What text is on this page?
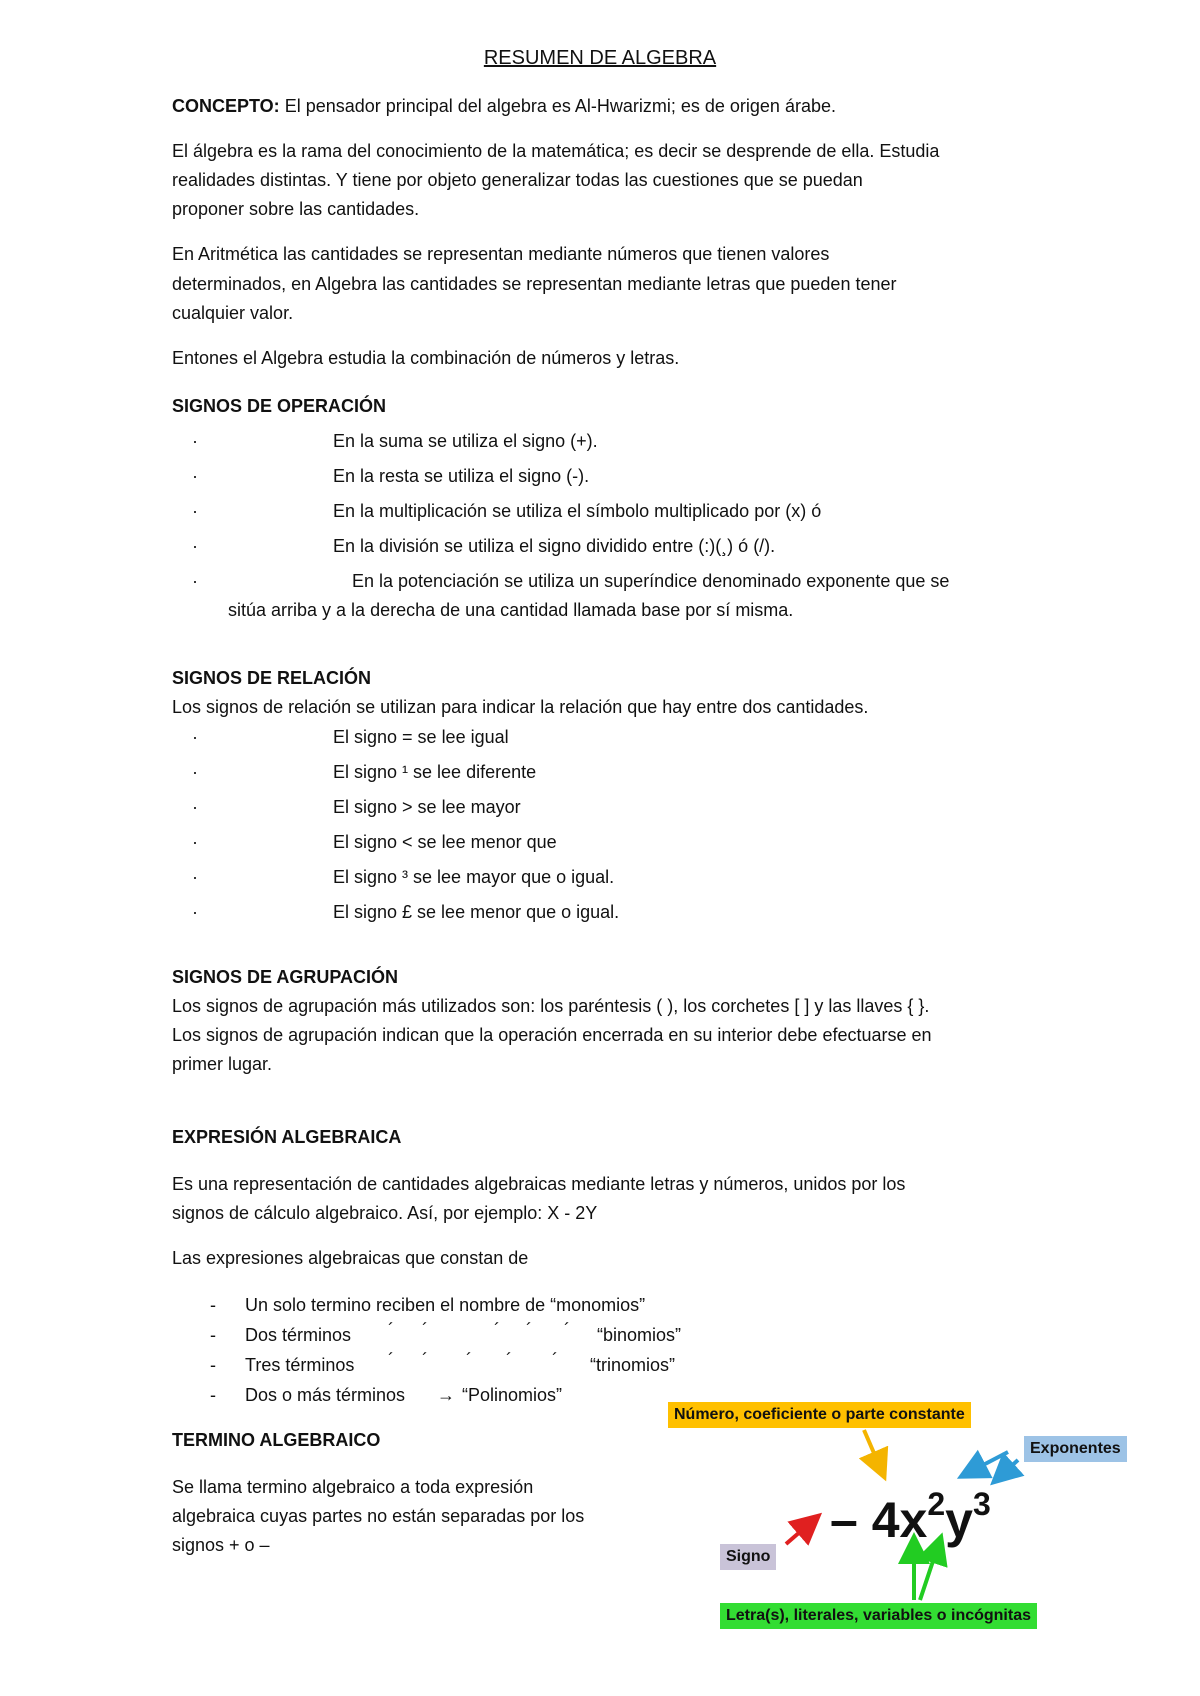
RESUMEN DE ALGEBRA
CONCEPTO: El pensador principal del algebra es Al-Hwarizmi; es de origen árabe.
El álgebra es la rama del conocimiento de la matemática; es decir se desprende de ella. Estudia
realidades distintas. Y tiene por objeto generalizar todas las cuestiones que se puedan
proponer sobre las cantidades.
En Aritmética las cantidades se representan mediante números que tienen valores
determinados, en Algebra las cantidades se representan mediante letras que pueden tener
cualquier valor.
Entones el Algebra estudia la combinación de números y letras.
SIGNOS DE OPERACIÓN
·	En la suma se utiliza el signo (+).
·	En la resta se utiliza el signo (-).
·	En la multiplicación se utiliza el símbolo multiplicado por (x) ó
·	En la división se utiliza el signo dividido entre (:)(¸) ó (/).
·	En la potenciación se utiliza un superíndice denominado exponente que se
sitúa arriba y a la derecha de una cantidad llamada base por sí misma.
SIGNOS DE RELACIÓN
Los signos de relación se utilizan para indicar la relación que hay entre dos cantidades.
·	El signo = se lee igual
·	El signo ¹ se lee diferente
·	El signo > se lee mayor
·	El signo < se lee menor que
·	El signo ³ se lee mayor que o igual.
·	El signo £ se lee menor que o igual.
SIGNOS DE AGRUPACIÓN
Los signos de agrupación más utilizados son: los paréntesis ( ), los corchetes [ ] y las llaves { }.
Los signos de agrupación indican que la operación encerrada en su interior debe efectuarse en
primer lugar.
EXPRESIÓN ALGEBRAICA
Es una representación de cantidades algebraicas mediante letras y números, unidos por los
signos de cálculo algebraico. Así, por ejemplo: X - 2Y
Las expresiones algebraicas que constan de
- Un solo termino reciben el nombre de “monomios”
- Dos términos ´ ´	´ ´ ´ “binomios”
- Tres términos ´ ´ ´ ´ ´ “trinomios”
- Dos o más términos → “Polinomios”
TERMINO ALGEBRAICO
Se llama termino algebraico a toda expresión
algebraica cuyas partes no están separadas por los
signos + o –
Número, coeficiente o parte constante
Exponentes
Signo
Letra(s), literales, variables o incógnitas
– $4x^2y^3$
